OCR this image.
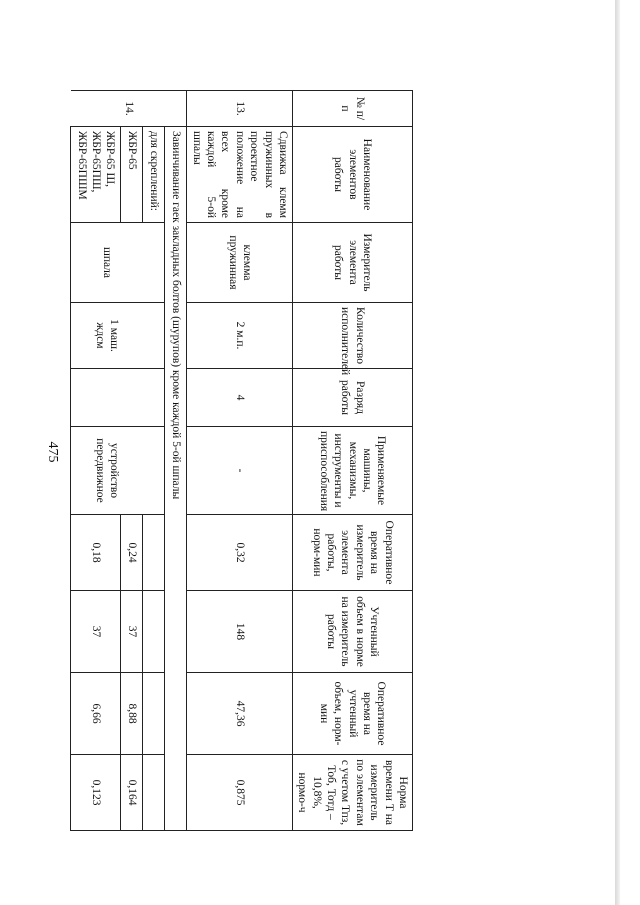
475
№ п/п	Наименование элементов работы	Измеритель элемента работы	Количество исполнителей	Разряд работы	Применяемые машины, механизмы, инструменты и приспособления	Оперативное время на измеритель элемента работы, норм-мин	Учтенный объем в норме на измеритель работы	Оперативное время на учтенный объем, норм-мин	Норма времени Т на измеритель по элементам с учетом Тпз, Тоб, Тотд – 10,8%, нормо-ч
13.	Сдвижка клемм пружинных в проектное положение на всех кроме каждой 5-ой шпалы	клемма пружинная	2 м.п.	4	-	0,32	148	47,36	0,875
14.	Завинчивание гаек закладных болтов (шурупов) кроме каждой 5-ой шпалы								
	для скреплений:								
	ЖБР-65	шпала	1 маш. ждсм		устройство передвижное	0,24	37	8,88	0,164
	ЖБР-65 Ш, ЖБР-65ПШ, ЖБР-65ПШМ					0,18	37	6,66	0,123
